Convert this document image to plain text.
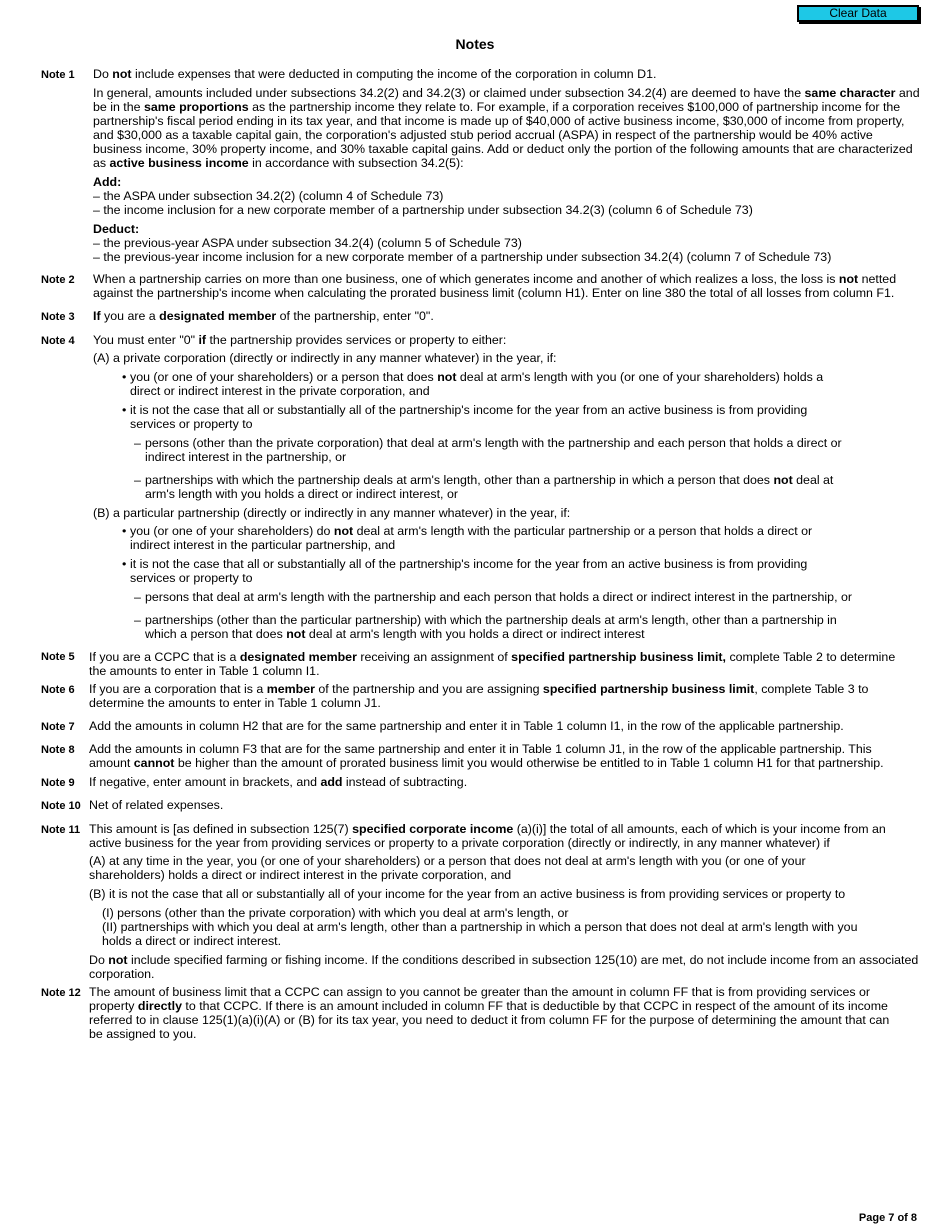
Clear Data
Notes
Note 1 Do not include expenses that were deducted in computing the income of the corporation in column D1.
In general, amounts included under subsections 34.2(2) and 34.2(3) or claimed under subsection 34.2(4) are deemed to have the same character and be in the same proportions as the partnership income they relate to. For example, if a corporation receives $100,000 of partnership income for the partnership's fiscal period ending in its tax year, and that income is made up of $40,000 of active business income, $30,000 of income from property, and $30,000 as a taxable capital gain, the corporation's adjusted stub period accrual (ASPA) in respect of the partnership would be 40% active business income, 30% property income, and 30% taxable capital gains. Add or deduct only the portion of the following amounts that are characterized as active business income in accordance with subsection 34.2(5):
Add:
– the ASPA under subsection 34.2(2) (column 4 of Schedule 73)
– the income inclusion for a new corporate member of a partnership under subsection 34.2(3) (column 6 of Schedule 73)
Deduct:
– the previous-year ASPA under subsection 34.2(4) (column 5 of Schedule 73)
– the previous-year income inclusion for a new corporate member of a partnership under subsection 34.2(4) (column 7 of Schedule 73)
Note 2 When a partnership carries on more than one business, one of which generates income and another of which realizes a loss, the loss is not netted against the partnership's income when calculating the prorated business limit (column H1). Enter on line 380 the total of all losses from column F1.
Note 3 If you are a designated member of the partnership, enter "0".
Note 4 You must enter "0" if the partnership provides services or property to either:
(A) a private corporation (directly or indirectly in any manner whatever) in the year, if:
• you (or one of your shareholders) or a person that does not deal at arm's length with you (or one of your shareholders) holds a direct or indirect interest in the private corporation, and
• it is not the case that all or substantially all of the partnership's income for the year from an active business is from providing services or property to
– persons (other than the private corporation) that deal at arm's length with the partnership and each person that holds a direct or indirect interest in the partnership, or
– partnerships with which the partnership deals at arm's length, other than a partnership in which a person that does not deal at arm's length with you holds a direct or indirect interest, or
(B) a particular partnership (directly or indirectly in any manner whatever) in the year, if:
• you (or one of your shareholders) do not deal at arm's length with the particular partnership or a person that holds a direct or indirect interest in the particular partnership, and
• it is not the case that all or substantially all of the partnership's income for the year from an active business is from providing services or property to
– persons that deal at arm's length with the partnership and each person that holds a direct or indirect interest in the partnership, or
– partnerships (other than the particular partnership) with which the partnership deals at arm's length, other than a partnership in which a person that does not deal at arm's length with you holds a direct or indirect interest
Note 5 If you are a CCPC that is a designated member receiving an assignment of specified partnership business limit, complete Table 2 to determine the amounts to enter in Table 1 column I1.
Note 6 If you are a corporation that is a member of the partnership and you are assigning specified partnership business limit, complete Table 3 to determine the amounts to enter in Table 1 column J1.
Note 7 Add the amounts in column H2 that are for the same partnership and enter it in Table 1 column I1, in the row of the applicable partnership.
Note 8 Add the amounts in column F3 that are for the same partnership and enter it in Table 1 column J1, in the row of the applicable partnership. This amount cannot be higher than the amount of prorated business limit you would otherwise be entitled to in Table 1 column H1 for that partnership.
Note 9 If negative, enter amount in brackets, and add instead of subtracting.
Note 10 Net of related expenses.
Note 11 This amount is [as defined in subsection 125(7) specified corporate income (a)(i)] the total of all amounts, each of which is your income from an active business for the year from providing services or property to a private corporation (directly or indirectly, in any manner whatever) if
(A) at any time in the year, you (or one of your shareholders) or a person that does not deal at arm's length with you (or one of your shareholders) holds a direct or indirect interest in the private corporation, and
(B) it is not the case that all or substantially all of your income for the year from an active business is from providing services or property to
(I) persons (other than the private corporation) with which you deal at arm's length, or
(II) partnerships with which you deal at arm's length, other than a partnership in which a person that does not deal at arm's length with you holds a direct or indirect interest.
Do not include specified farming or fishing income. If the conditions described in subsection 125(10) are met, do not include income from an associated corporation.
Note 12 The amount of business limit that a CCPC can assign to you cannot be greater than the amount in column FF that is from providing services or property directly to that CCPC. If there is an amount included in column FF that is deductible by that CCPC in respect of the amount of its income referred to in clause 125(1)(a)(i)(A) or (B) for its tax year, you need to deduct it from column FF for the purpose of determining the amount that can be assigned to you.
Page 7 of 8
